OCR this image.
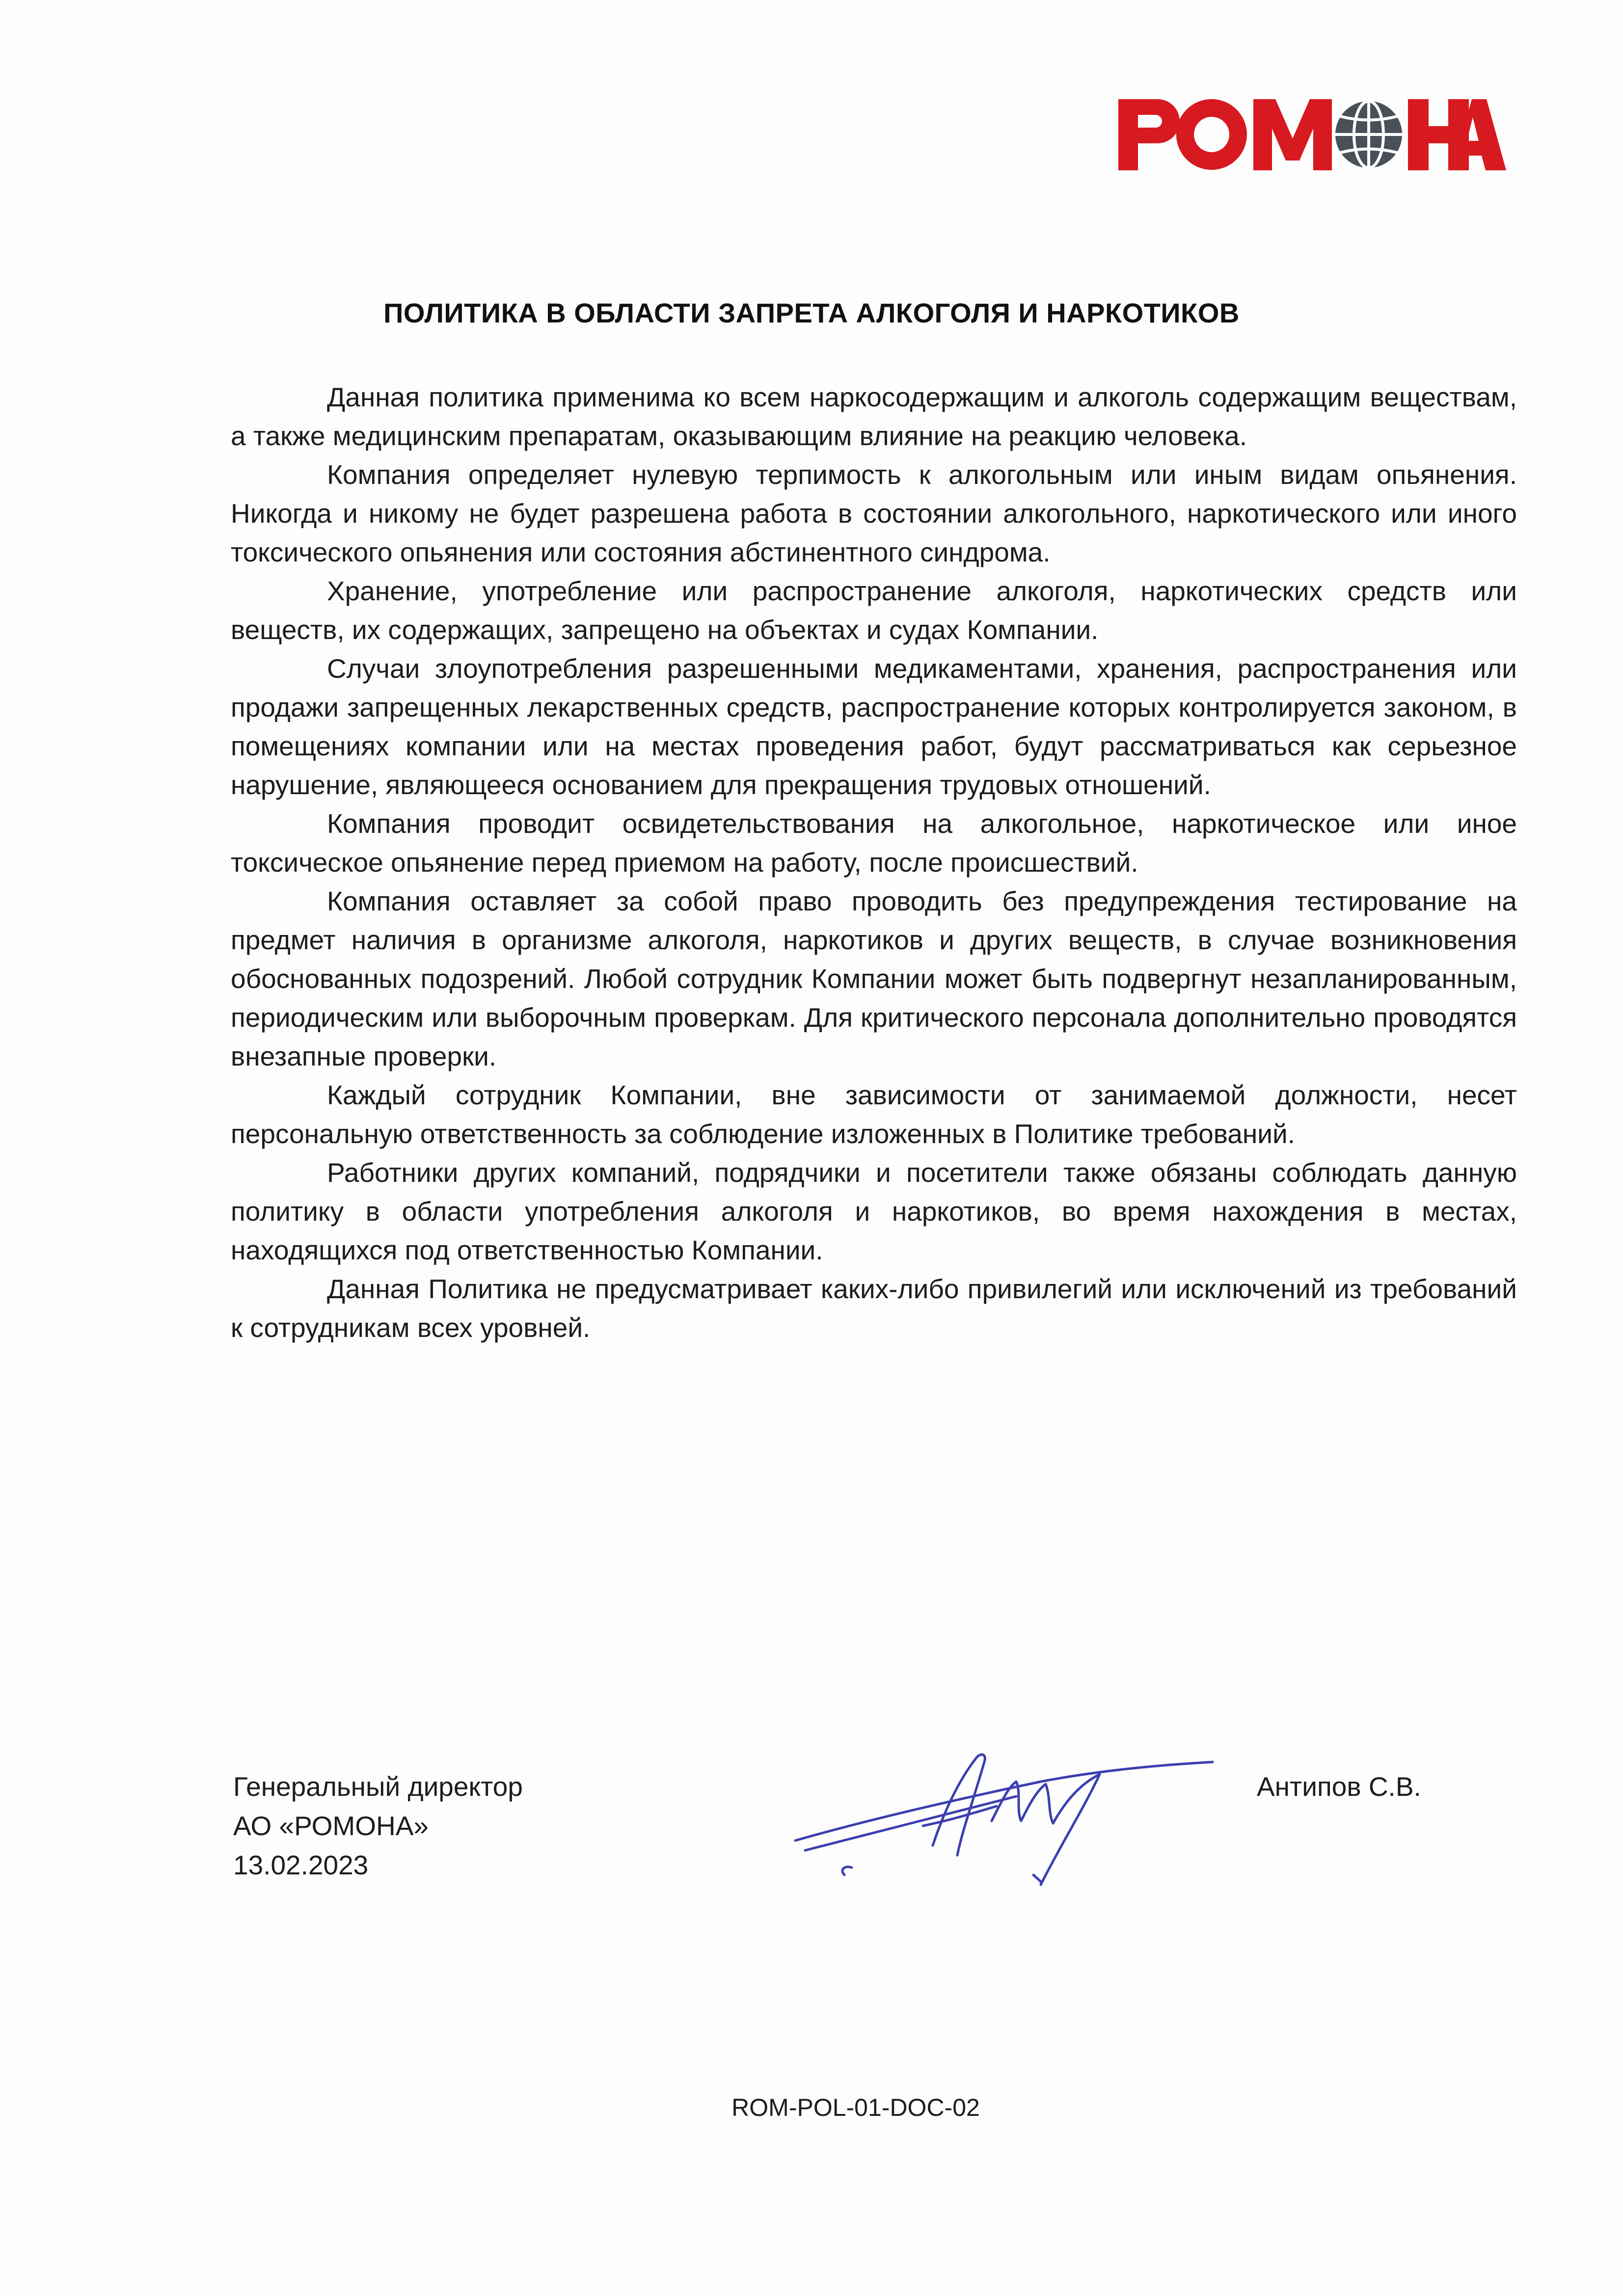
ПОЛИТИКА В ОБЛАСТИ ЗАПРЕТА АЛКОГОЛЯ И НАРКОТИКОВ

Данная политика применима ко всем наркосодержащим и алкоголь содержащим веществам, а также медицинским препаратам, оказывающим влияние на реакцию человека.

Компания определяет нулевую терпимость к алкогольным или иным видам опьянения. Никогда и никому не будет разрешена работа в состоянии алкогольного, наркотического или иного токсического опьянения или состояния абстинентного синдрома.

Хранение, употребление или распространение алкоголя, наркотических средств или веществ, их содержащих, запрещено на объектах и судах Компании.

Случаи злоупотребления разрешенными медикаментами, хранения, распространения или продажи запрещенных лекарственных средств, распространение которых контролируется законом, в помещениях компании или на местах проведения работ, будут рассматриваться как серьезное нарушение, являющееся основанием для прекращения трудовых отношений.

Компания проводит освидетельствования на алкогольное, наркотическое или иное токсическое опьянение перед приемом на работу, после происшествий.

Компания оставляет за собой право проводить без предупреждения тестирование на предмет наличия в организме алкоголя, наркотиков и других веществ, в случае возникновения обоснованных подозрений. Любой сотрудник Компании может быть подвергнут незапланированным, периодическим или выборочным проверкам. Для критического персонала дополнительно проводятся внезапные проверки.

Каждый сотрудник Компании, вне зависимости от занимаемой должности, несет персональную ответственность за соблюдение изложенных в Политике требований.

Работники других компаний, подрядчики и посетители также обязаны соблюдать данную политику в области употребления алкоголя и наркотиков, во время нахождения в местах, находящихся под ответственностью Компании.

Данная Политика не предусматривает каких-либо привилегий или исключений из требований к сотрудникам всех уровней.

Генеральный директор
АО «РОМОНА»
13.02.2023
Антипов С.В.
ROM-POL-01-DOC-02
